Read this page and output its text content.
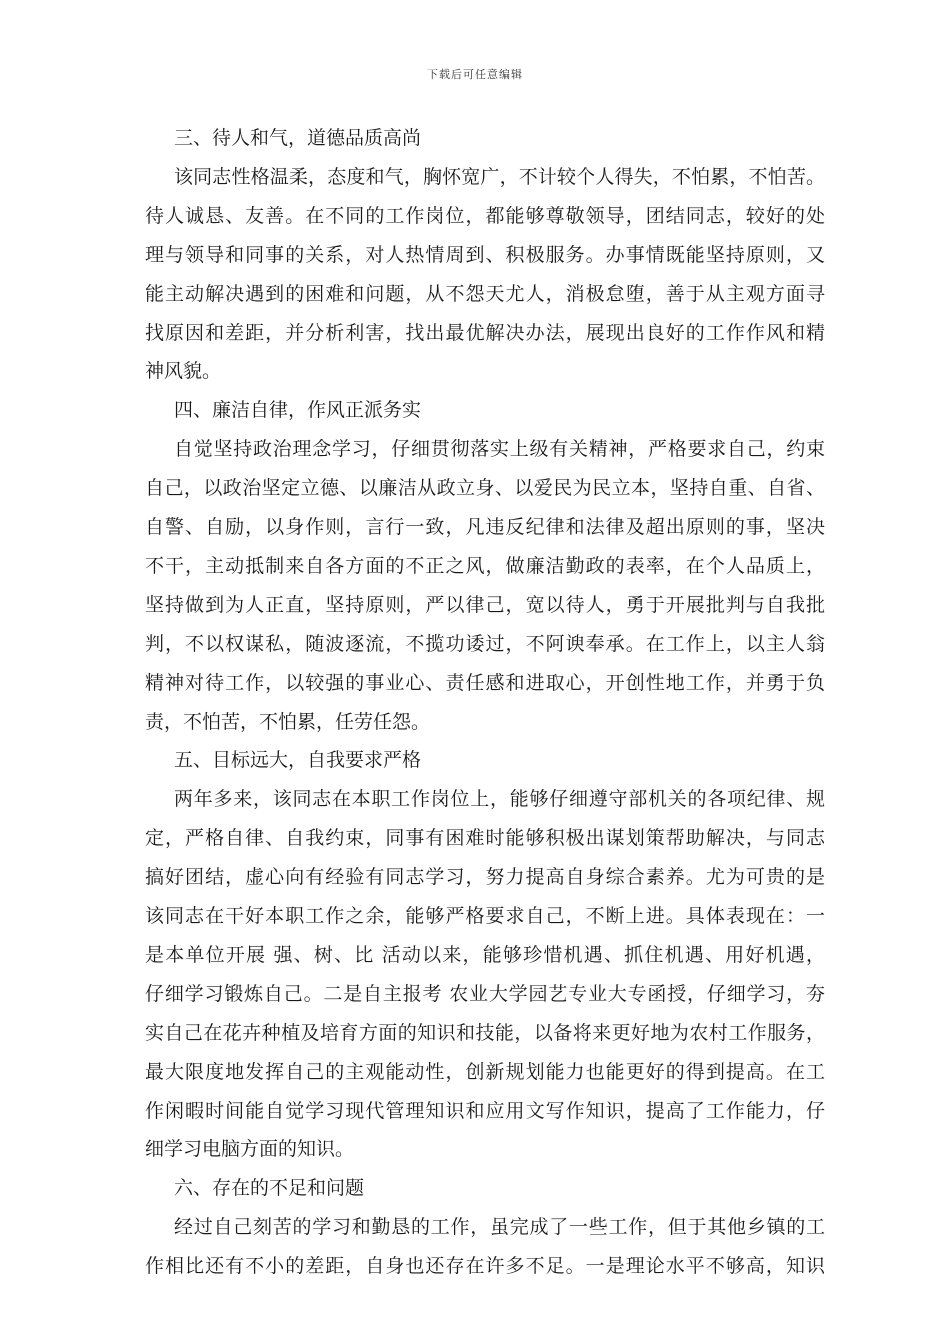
下载后可任意编辑
三、待人和气，道德品质高尚
该同志性格温柔，态度和气，胸怀宽广，不计较个人得失，不怕累，不怕苦。
待人诚恳、友善。在不同的工作岗位，都能够尊敬领导，团结同志，较好的处
理与领导和同事的关系，对人热情周到、积极服务。办事情既能坚持原则，又
能主动解决遇到的困难和问题，从不怨天尤人，消极怠堕，善于从主观方面寻
找原因和差距，并分析利害，找出最优解决办法，展现出良好的工作作风和精
神风貌。
四、廉洁自律，作风正派务实
自觉坚持政治理念学习，仔细贯彻落实上级有关精神，严格要求自己，约束
自己，以政治坚定立德、以廉洁从政立身、以爱民为民立本，坚持自重、自省、
自警、自励，以身作则，言行一致，凡违反纪律和法律及超出原则的事，坚决
不干，主动抵制来自各方面的不正之风，做廉洁勤政的表率，在个人品质上，
坚持做到为人正直，坚持原则，严以律己，宽以待人，勇于开展批判与自我批
判，不以权谋私，随波逐流，不揽功诿过，不阿谀奉承。在工作上，以主人翁
精神对待工作，以较强的事业心、责任感和进取心，开创性地工作，并勇于负
责，不怕苦，不怕累，任劳任怨。
五、目标远大，自我要求严格
两年多来，该同志在本职工作岗位上，能够仔细遵守部机关的各项纪律、规
定，严格自律、自我约束，同事有困难时能够积极出谋划策帮助解决，与同志
搞好团结，虚心向有经验有同志学习，努力提高自身综合素养。尤为可贵的是
该同志在干好本职工作之余，能够严格要求自己，不断上进。具体表现在：一
是本单位开展 强、树、比 活动以来，能够珍惜机遇、抓住机遇、用好机遇，
仔细学习锻炼自己。二是自主报考 农业大学园艺专业大专函授，仔细学习，夯
实自己在花卉种植及培育方面的知识和技能，以备将来更好地为农村工作服务，
最大限度地发挥自己的主观能动性，创新规划能力也能更好的得到提高。在工
作闲暇时间能自觉学习现代管理知识和应用文写作知识，提高了工作能力，仔
细学习电脑方面的知识。
六、存在的不足和问题
经过自己刻苦的学习和勤恳的工作，虽完成了一些工作，但于其他乡镇的工
作相比还有不小的差距，自身也还存在许多不足。一是理论水平不够高，知识
